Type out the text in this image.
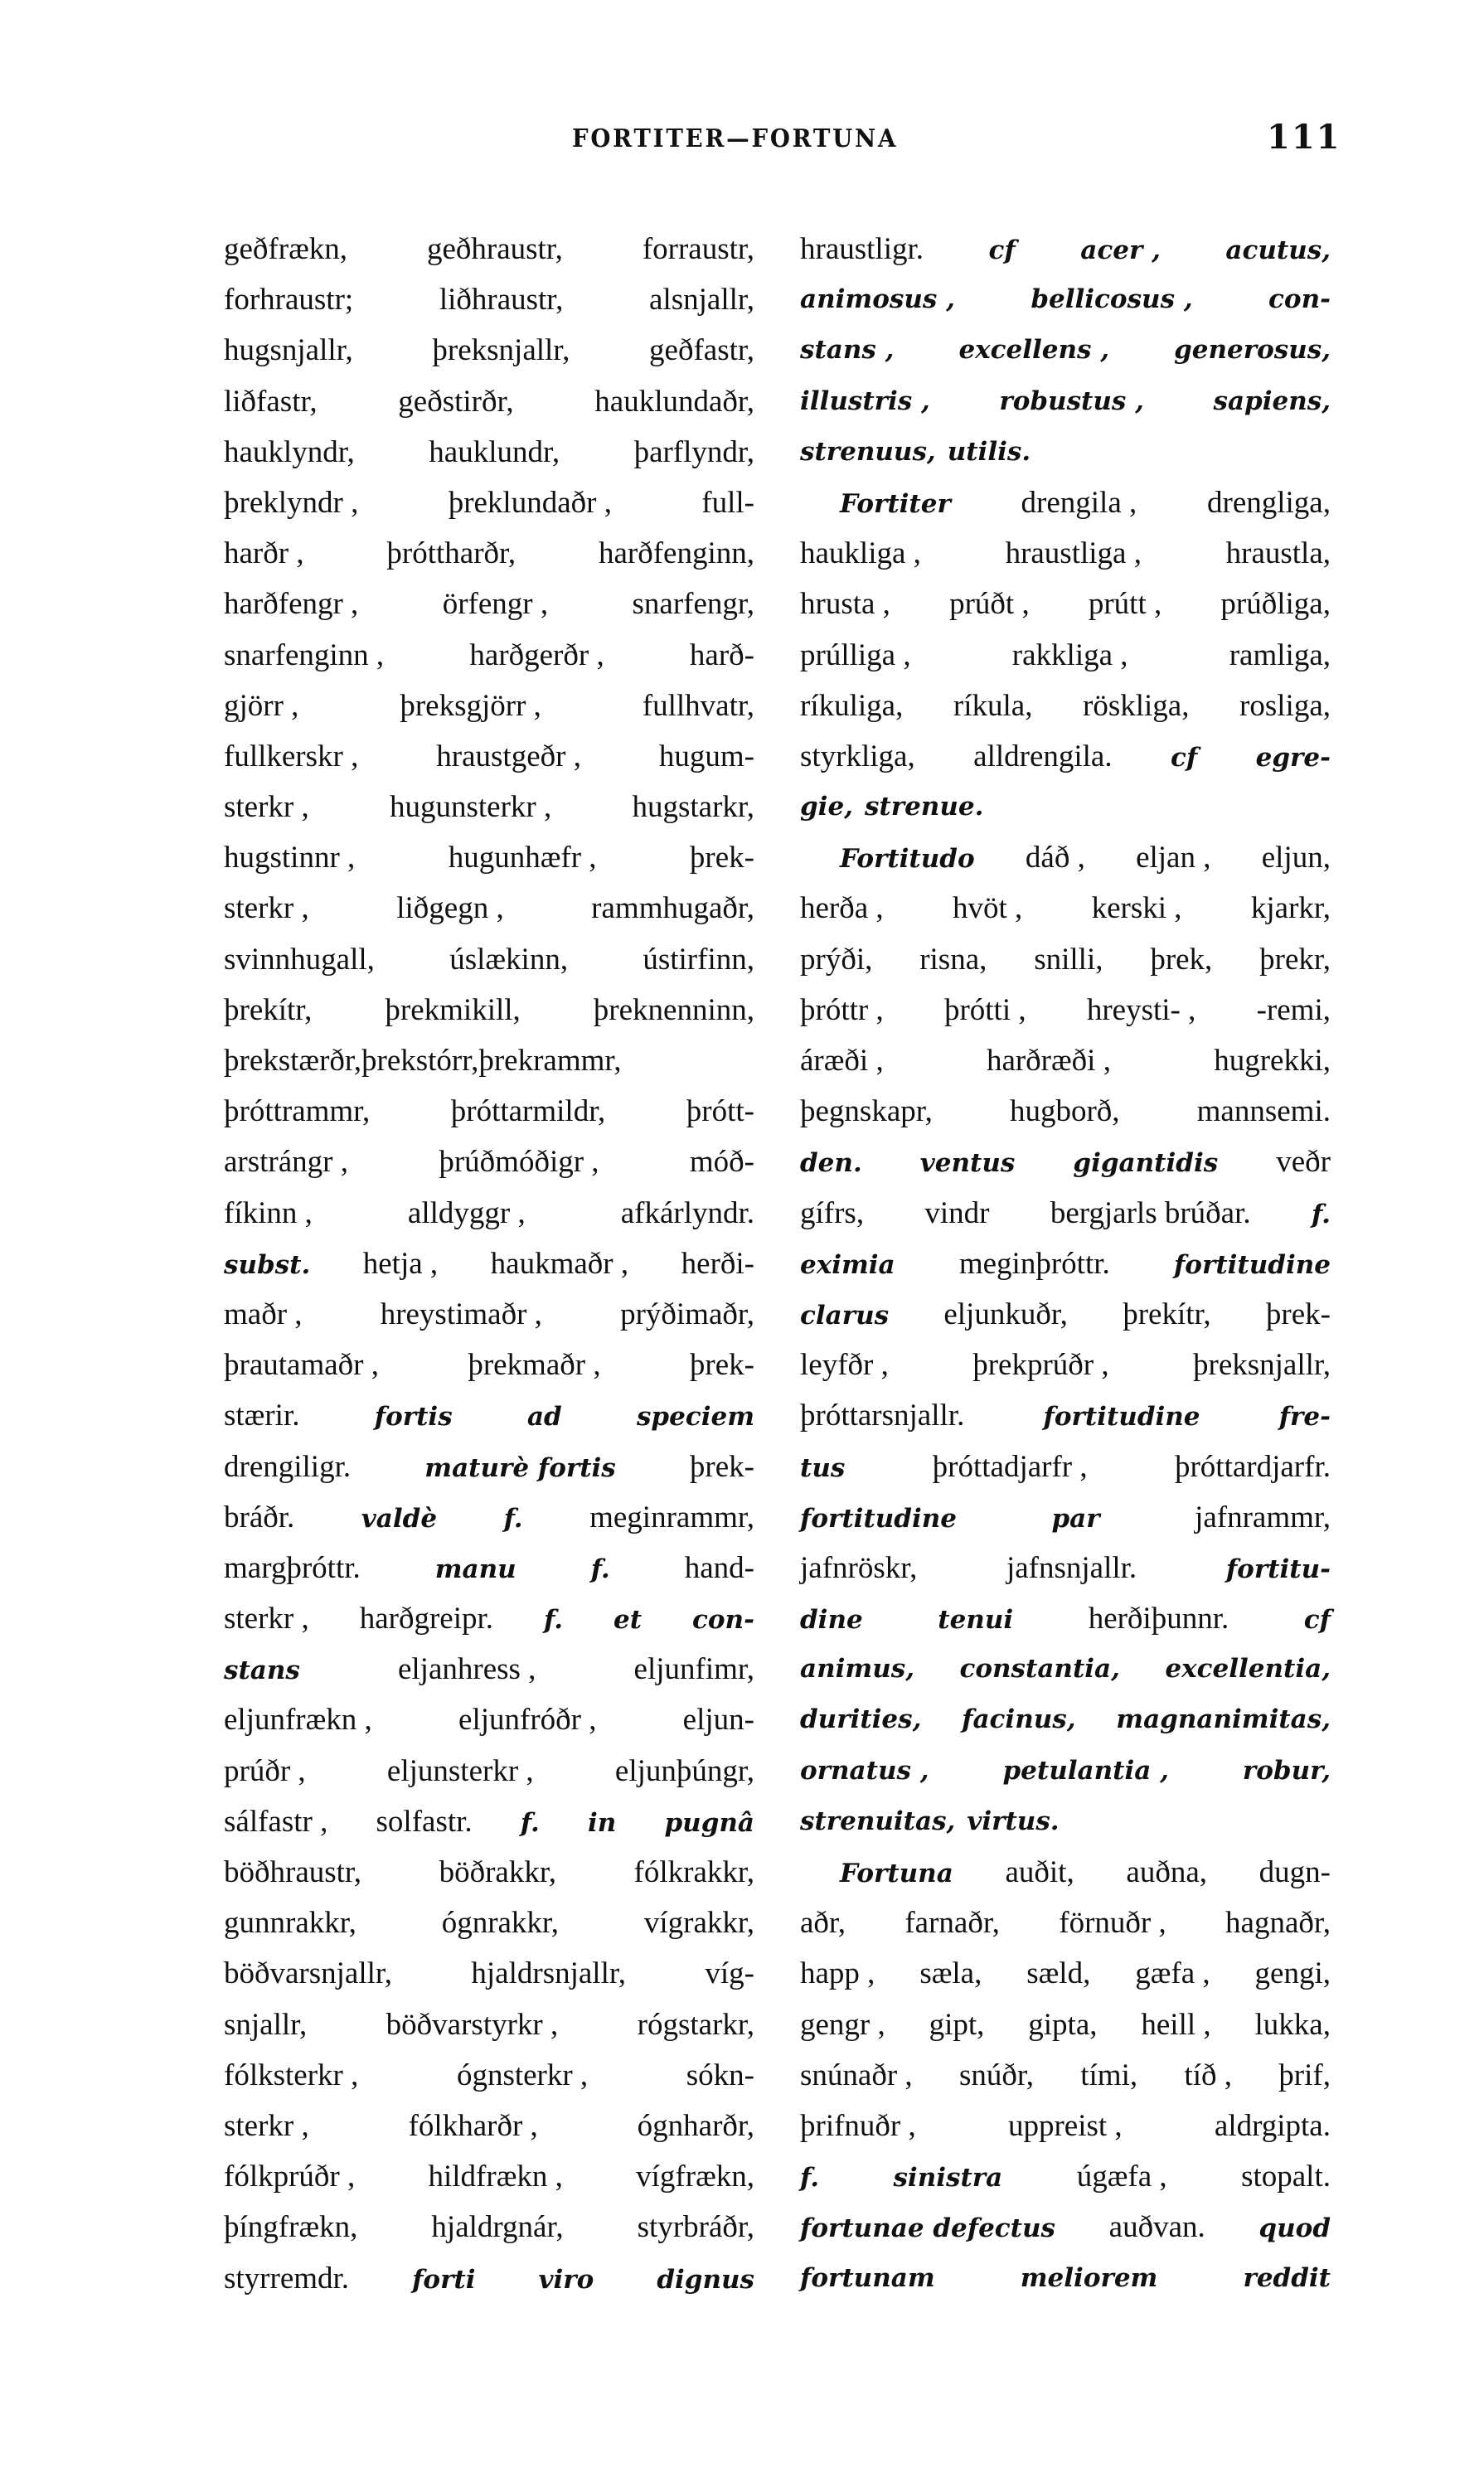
FORTITER—FORTUNA	111
geðfrækn,	geðhraustr,	forraustr,
forhraustr;	liðhraustr,	alsnjallr,
hugsnjallr,	þreksnjallr,	geðfastr,
liðfastr,	geðstirðr,	hauklundaðr,
hauklyndr, hauklundr, þarflyndr,
þreklyndr ,	þreklundaðr ,	full-
harðr ,	þróttharðr,	harðfenginn,
harðfengr ,	örfengr ,	snarfengr,
snarfenginn ,	harðgerðr ,	harð-
gjörr ,	þreksgjörr ,	fullhvatr,
fullkerskr ,	hraustgeðr ,	hugum-
sterkr ,	hugunsterkr ,	hugstarkr,
hugstinnr ,	hugunhæfr ,	þrek-
sterkr ,	liðgegn ,	rammhugaðr,
svinnhugall, úslækinn, ústirfinn,
þrekítr, þrekmikill, þreknenninn,
þrekstærðr,þrekstórr,þrekrammr,
þróttrammr,	þróttarmildr,	þrótt-
arstrángr ,	þrúðmóðigr ,	móð-
fíkinn ,	alldyggr ,	afkárlyndr.
subst. hetja , haukmaðr , herði-
maðr ,	hreystimaðr ,	prýðimaðr,
þrautamaðr ,	þrekmaðr ,	þrek-
stærir.	fortis	ad	speciem
drengiligr.	maturè fortis þrek-
bráðr.	valdè	f. meginrammr,
margþróttr.	manu	f. hand-
sterkr , harðgreipr. f. et con-
stans	eljanhress ,	eljunfimr,
eljunfrækn ,	eljunfróðr ,	eljun-
prúðr ,	eljunsterkr ,	eljunþúngr,
sálfastr , solfastr. f. in pugnâ
böðhraustr,	böðrakkr,	fólkrakkr,
gunnrakkr,	ógnrakkr,	vígrakkr,
böðvarsnjallr,	hjaldrsnjallr,	víg-
snjallr,	böðvarstyrkr ,	rógstarkr,
fólksterkr ,	ógnsterkr ,	sókn-
sterkr ,	fólkharðr ,	ógnharðr,
fólkprúðr , hildfrækn , vígfrækn,
þíngfrækn, hjaldrgnár, styrbráðr,
styrremdr. forti viro dignus
hraustligr.	cf	acer ,	acutus,
animosus ,	bellicosus ,	con-
stans ,	excellens ,	generosus,
illustris ,	robustus ,	sapiens,
strenuus, utilis.
Fortiter drengila , drengliga,
haukliga ,	hraustliga ,	hraustla,
hrusta , prúðt , prútt , prúðliga,
prúlliga ,	rakkliga ,	ramliga,
ríkuliga, ríkula, röskliga, rosliga,
styrkliga, alldrengila. cf egre-
gie, strenue.
Fortitudo dáð , eljan , eljun,
herða , hvöt , kerski , kjarkr,
prýði, risna, snilli, þrek, þrekr,
þróttr , þrótti , hreysti- , -remi,
áræði ,	harðræði ,	hugrekki,
þegnskapr,	hugborð,	mannsemi.
den. ventus gigantidis veðr
gífrs, vindr bergjarls brúðar. f.
eximia meginþróttr. fortitudine
clarus eljunkuðr, þrekítr, þrek-
leyfðr ,	þrekprúðr ,	þreksnjallr,
þróttarsnjallr.	fortitudine	fre-
tus	þróttadjarfr ,	þróttardjarfr.
fortitudine	par	jafnrammr,
jafnröskr,	jafnsnjallr.	fortitu-
dine	tenui herðiþunnr.	cf
animus, constantia, excellentia,
durities, facinus, magnanimitas,
ornatus ,	petulantia ,	robur,
strenuitas, virtus.
Fortuna auðit, auðna, dugn-
aðr, farnaðr, förnuðr , hagnaðr,
happ , sæla, sæld, gæfa , gengi,
gengr , gipt, gipta, heill , lukka,
snúnaðr , snúðr, tími, tíð , þrif,
þrifnuðr ,	uppreist ,	aldrgipta.
f.	sinistra úgæfa , stopalt.
fortunae defectus auðvan. quod
fortunam	meliorem	reddit
